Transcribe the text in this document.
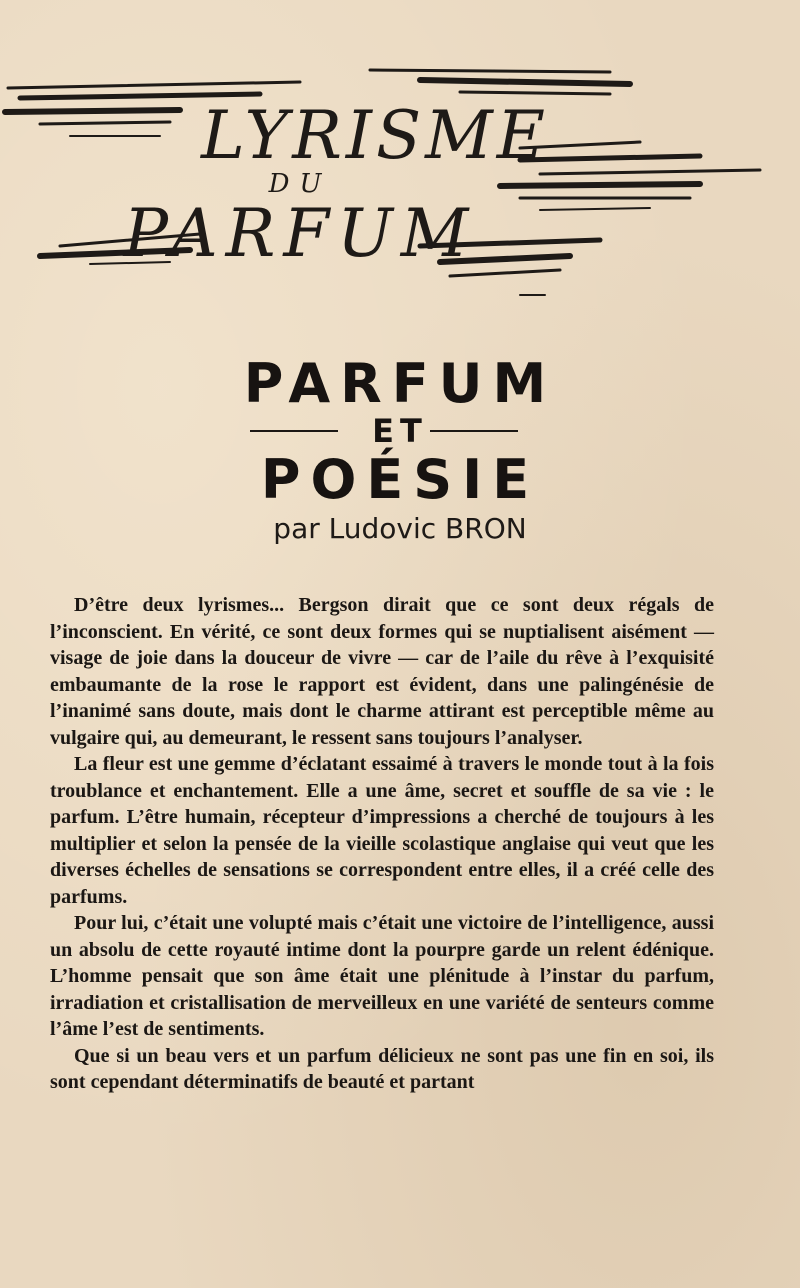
LYRISME
DU
PARFUM
PARFUM
ET
POÉSIE
par Ludovic BRON

D’être deux lyrismes... Bergson dirait que ce sont deux régals de l’inconscient. En vérité, ce sont deux formes qui se nuptialisent aisément — visage de joie dans la douceur de vivre — car de l’aile du rêve à l’exquisité embaumante de la rose le rapport est évident, dans une palingénésie de l’inanimé sans doute, mais dont le charme attirant est perceptible même au vulgaire qui, au demeurant, le ressent sans toujours l’analyser.

La fleur est une gemme d’éclatant essaimé à travers le monde tout à la fois troublance et enchantement. Elle a une âme, secret et souffle de sa vie : le parfum. L’être humain, récepteur d’impressions a cherché de toujours à les multiplier et selon la pensée de la vieille scolastique anglaise qui veut que les diverses échelles de sensations se correspondent entre elles, il a créé celle des parfums.

Pour lui, c’était une volupté mais c’était une victoire de l’intelligence, aussi un absolu de cette royauté intime dont la pourpre garde un relent édénique. L’homme pensait que son âme était une plénitude à l’instar du parfum, irradiation et cristallisation de merveilleux en une variété de senteurs comme l’âme l’est de sentiments.

Que si un beau vers et un parfum délicieux ne sont pas une fin en soi, ils sont cependant déterminatifs de beauté et partant
